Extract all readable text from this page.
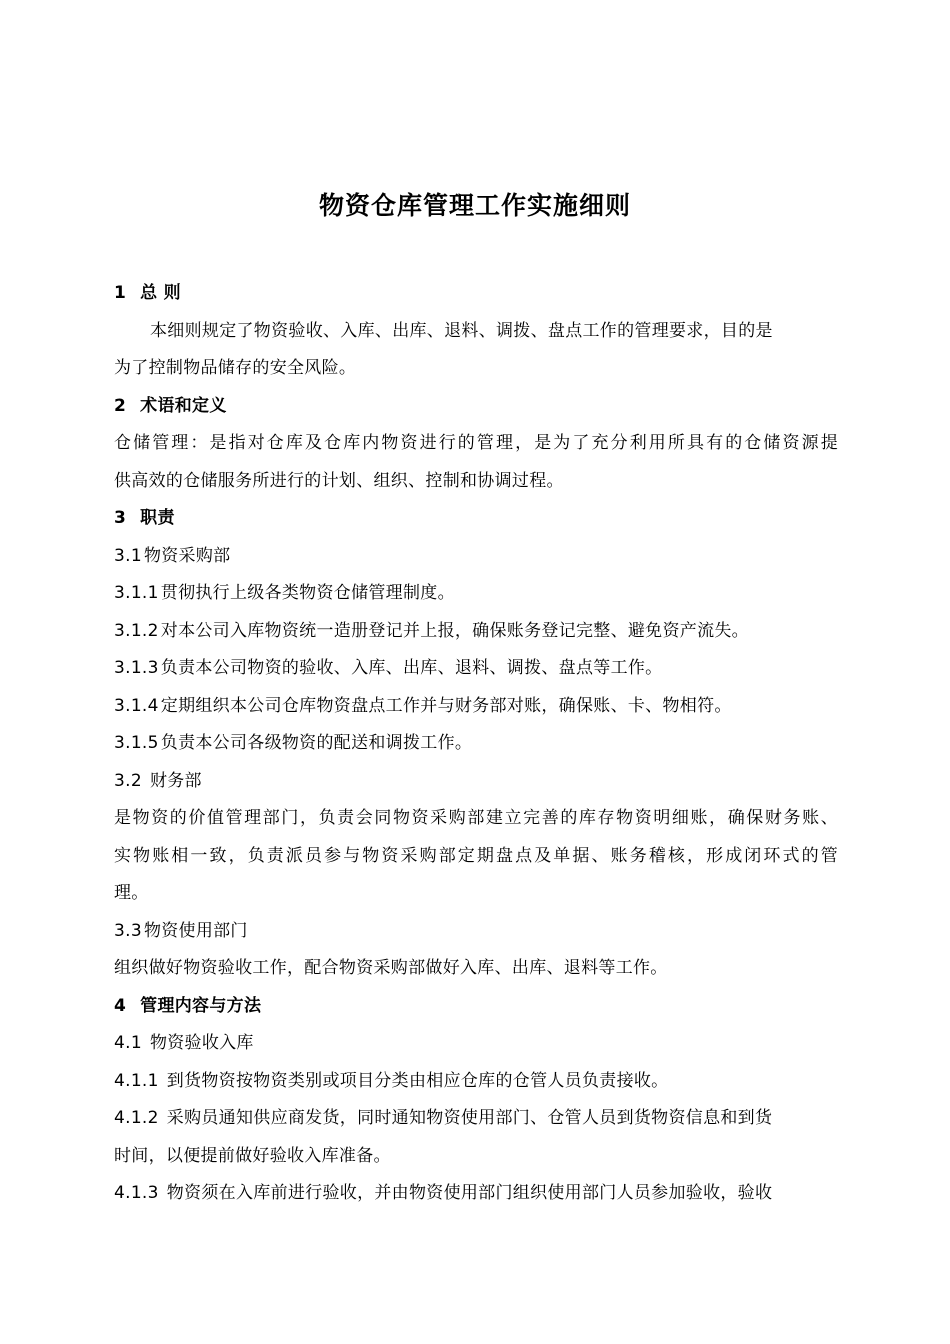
物资仓库管理工作实施细则
1 总 则
本细则规定了物资验收、入库、出库、退料、调拨、盘点工作的管理要求，目的是
为了控制物品储存的安全风险。
2 术语和定义
仓储管理：是指对仓库及仓库内物资进行的管理，是为了充分利用所具有的仓储资源提
供高效的仓储服务所进行的计划、组织、控制和协调过程。
3 职责
3.1 物资采购部
3.1.1 贯彻执行上级各类物资仓储管理制度。
3.1.2 对本公司入库物资统一造册登记并上报，确保账务登记完整、避免资产流失。
3.1.3 负责本公司物资的验收、入库、出库、退料、调拨、盘点等工作。
3.1.4 定期组织本公司仓库物资盘点工作并与财务部对账，确保账、卡、物相符。
3.1.5 负责本公司各级物资的配送和调拨工作。
3.2 财务部
是物资的价值管理部门，负责会同物资采购部建立完善的库存物资明细账，确保财务账、
实物账相一致，负责派员参与物资采购部定期盘点及单据、账务稽核，形成闭环式的管
理。
3.3 物资使用部门
组织做好物资验收工作，配合物资采购部做好入库、出库、退料等工作。
4 管理内容与方法
4.1 物资验收入库
4.1.1 到货物资按物资类别或项目分类由相应仓库的仓管人员负责接收。
4.1.2 采购员通知供应商发货，同时通知物资使用部门、仓管人员到货物资信息和到货
时间，以便提前做好验收入库准备。
4.1.3 物资须在入库前进行验收，并由物资使用部门组织使用部门人员参加验收，验收
